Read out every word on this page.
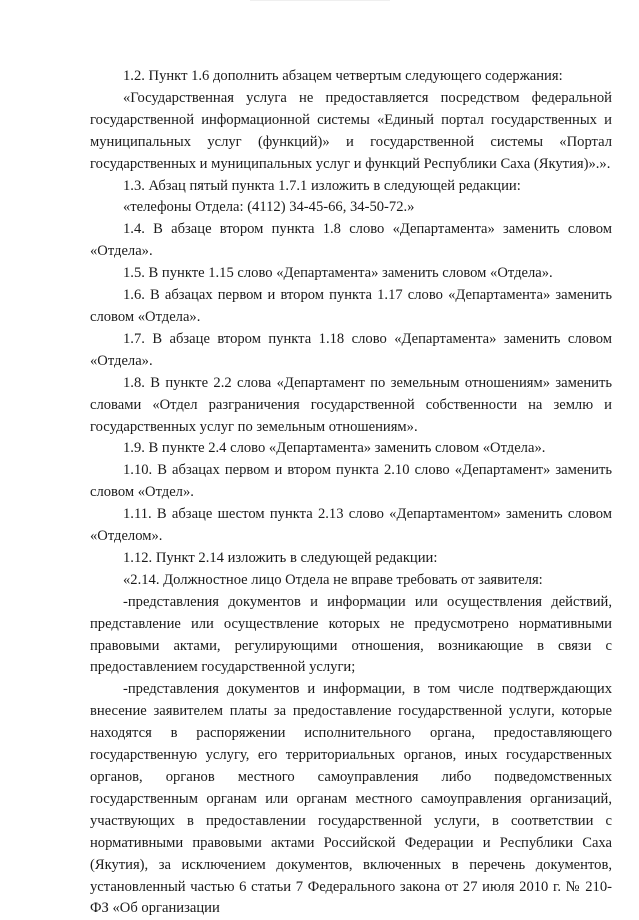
1.2. Пункт 1.6 дополнить абзацем четвертым следующего содержания:

«Государственная услуга не предоставляется посредством федеральной государственной информационной системы «Единый портал государственных и муниципальных услуг (функций)» и государственной системы «Портал государственных и муниципальных услуг и функций Республики Саха (Якутия)».».

1.3. Абзац пятый пункта 1.7.1 изложить в следующей редакции:

«телефоны Отдела: (4112) 34-45-66, 34-50-72.»

1.4. В абзаце втором пункта 1.8 слово «Департамента» заменить словом «Отдела».

1.5. В пункте 1.15 слово «Департамента» заменить словом «Отдела».

1.6. В абзацах первом и втором пункта 1.17 слово «Департамента» заменить словом «Отдела».

1.7. В абзаце втором пункта 1.18 слово «Департамента» заменить словом «Отдела».

1.8. В пункте 2.2 слова «Департамент по земельным отношениям» заменить словами «Отдел разграничения государственной собственности на землю и государственных услуг по земельным отношениям».

1.9. В пункте 2.4 слово «Департамента» заменить словом «Отдела».

1.10. В абзацах первом и втором пункта 2.10 слово «Департамент» заменить словом «Отдел».

1.11. В абзаце шестом пункта 2.13 слово «Департаментом» заменить словом «Отделом».

1.12. Пункт 2.14 изложить в следующей редакции:

«2.14. Должностное лицо Отдела не вправе требовать от заявителя:

-представления документов и информации или осуществления действий, представление или осуществление которых не предусмотрено нормативными правовыми актами, регулирующими отношения, возникающие в связи с предоставлением государственной услуги;

-представления документов и информации, в том числе подтверждающих внесение заявителем платы за предоставление государственной услуги, которые находятся в распоряжении исполнительного органа, предоставляющего государственную услугу, его территориальных органов, иных государственных органов, органов местного самоуправления либо подведомственных государственным органам или органам местного самоуправления организаций, участвующих в предоставлении государственной услуги, в соответствии с нормативными правовыми актами Российской Федерации и Республики Саха (Якутия), за исключением документов, включенных в перечень документов, установленный частью 6 статьи 7 Федерального закона от 27 июля 2010 г. № 210-ФЗ «Об организации
